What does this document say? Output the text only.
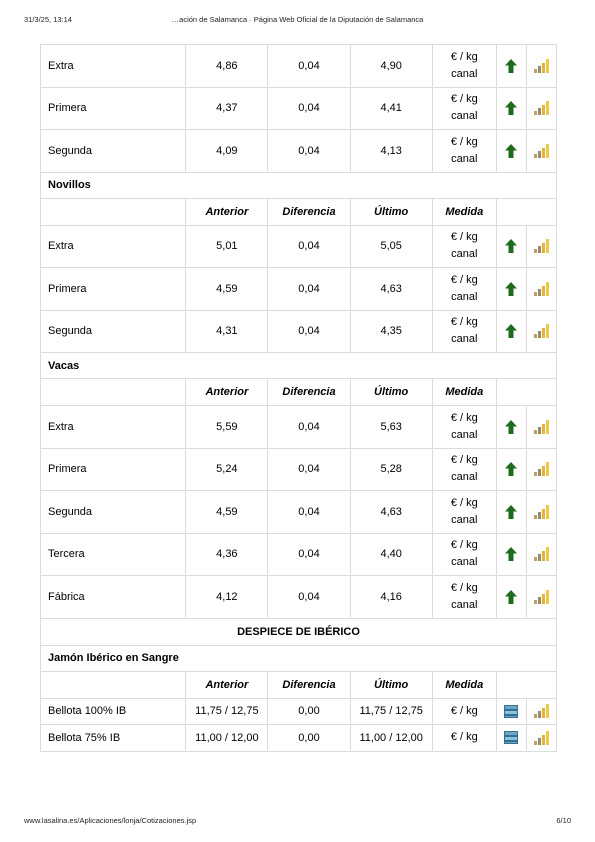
31/3/25, 13:14	…ación de Salamanca · Página Web Oficial de la Diputación de Salamanca
Extra	4,86	0,04	4,90	€ / kg
canal		

Primera	4,37	0,04	4,41	€ / kg
canal		

Segunda	4,09	0,04	4,13	€ / kg
canal		

Novillos						
	Anterior	Diferencia	Último	Medida		
Extra	5,01	0,04	5,05	€ / kg
canal		

Primera	4,59	0,04	4,63	€ / kg
canal		

Segunda	4,31	0,04	4,35	€ / kg
canal		

Vacas						
	Anterior	Diferencia	Último	Medida		
Extra	5,59	0,04	5,63	€ / kg
canal		

Primera	5,24	0,04	5,28	€ / kg
canal		

Segunda	4,59	0,04	4,63	€ / kg
canal		

Tercera	4,36	0,04	4,40	€ / kg
canal		

Fábrica	4,12	0,04	4,16	€ / kg
canal		

DESPIECE DE IBÉRICO						
Jamón Ibérico en Sangre						
	Anterior	Diferencia	Último	Medida		
Bellota 100% IB	11,75 / 12,75	0,00	11,75 / 12,75	€ / kg		

Bellota 75% IB	11,00 / 12,00	0,00	11,00 / 12,00	€ / kg		
www.lasalina.es/Aplicaciones/lonja/Cotizaciones.jsp	6/10
